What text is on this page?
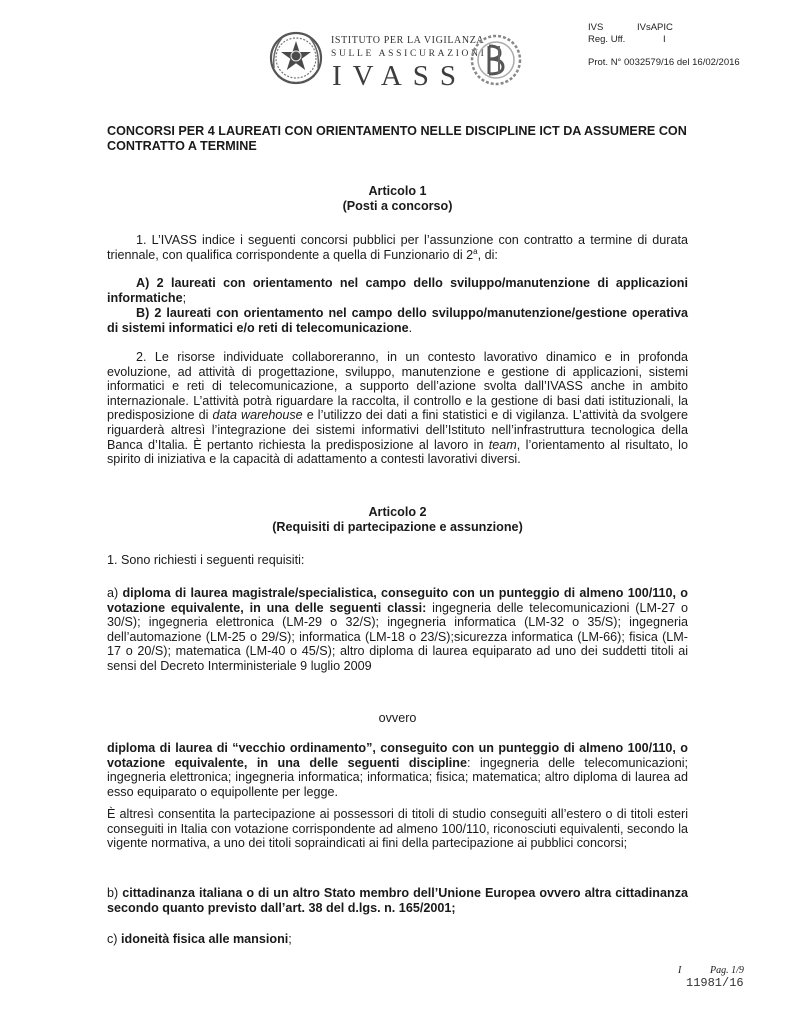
ISTITUTO PER LA VIGILANZA
SULLE ASSICURAZIONI
IVASS
IVS	IVsAPIC
Reg. Uff.	I
Prot. N° 0032579/16 del 16/02/2016
CONCORSI PER 4 LAUREATI CON ORIENTAMENTO NELLE DISCIPLINE ICT DA ASSUMERE CON CONTRATTO A TERMINE
Articolo 1
(Posti a concorso)
1. L’IVASS indice i seguenti concorsi pubblici per l’assunzione con contratto a termine di durata triennale, con qualifica corrispondente a quella di Funzionario di 2$^a$, di:
A) 2 laureati con orientamento nel campo dello sviluppo/manutenzione di applicazioni informatiche;
B) 2 laureati con orientamento nel campo dello sviluppo/manutenzione/gestione operativa di sistemi informatici e/o reti di telecomunicazione.
2. Le risorse individuate collaboreranno, in un contesto lavorativo dinamico e in profonda evoluzione, ad attività di progettazione, sviluppo, manutenzione e gestione di applicazioni, sistemi informatici e reti di telecomunicazione, a supporto dell’azione svolta dall’IVASS anche in ambito internazionale. L’attività potrà riguardare la raccolta, il controllo e la gestione di basi dati istituzionali, la predisposizione di data warehouse e l’utilizzo dei dati a fini statistici e di vigilanza. L’attività da svolgere riguarderà altresì l’integrazione dei sistemi informativi dell’Istituto nell’infrastruttura tecnologica della Banca d’Italia. È pertanto richiesta la predisposizione al lavoro in team, l’orientamento al risultato, lo spirito di iniziativa e la capacità di adattamento a contesti lavorativi diversi.
Articolo 2
(Requisiti di partecipazione e assunzione)
1. Sono richiesti i seguenti requisiti:
a) diploma di laurea magistrale/specialistica, conseguito con un punteggio di almeno 100/110, o votazione equivalente, in una delle seguenti classi: ingegneria delle telecomunicazioni (LM-27 o 30/S); ingegneria elettronica (LM-29 o 32/S); ingegneria informatica (LM-32 o 35/S); ingegneria dell’automazione (LM-25 o 29/S); informatica (LM-18 o 23/S);sicurezza informatica (LM-66); fisica (LM-17 o 20/S); matematica (LM-40 o 45/S); altro diploma di laurea equiparato ad uno dei suddetti titoli ai sensi del Decreto Interministeriale 9 luglio 2009
ovvero
diploma di laurea di “vecchio ordinamento”, conseguito con un punteggio di almeno 100/110, o votazione equivalente, in una delle seguenti discipline: ingegneria delle telecomunicazioni; ingegneria elettronica; ingegneria informatica; informatica; fisica; matematica; altro diploma di laurea ad esso equiparato o equipollente per legge.
È altresì consentita la partecipazione ai possessori di titoli di studio conseguiti all’estero o di titoli esteri conseguiti in Italia con votazione corrispondente ad almeno 100/110, riconosciuti equivalenti, secondo la vigente normativa, a uno dei titoli sopraindicati ai fini della partecipazione ai pubblici concorsi;
b) cittadinanza italiana o di un altro Stato membro dell’Unione Europea ovvero altra cittadinanza secondo quanto previsto dall’art. 38 del d.lgs. n. 165/2001;
c) idoneità fisica alle mansioni;
I	Pag. 1/9
11981/16
